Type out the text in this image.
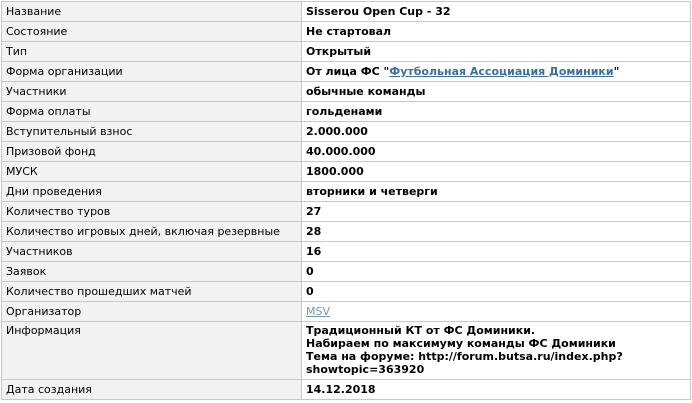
Название	Sisserou Open Cup - 32
Состояние	Не стартовал
Тип	Открытый
Форма организации	От лица ФС "Футбольная Ассоциация Доминики"
Участники	обычные команды
Форма оплаты	гольденами
Вступительный взнос	2.000.000
Призовой фонд	40.000.000
МУСК	1800.000
Дни проведения	вторники и четверги
Количество туров	27
Количество игровых дней, включая резервные	28
Участников	16
Заявок	0
Количество прошедших матчей	0
Организатор	MSV
Информация	Традиционный КТ от ФС Доминики.
Набираем по максимуму команды ФС Доминики
Тема на форуме: http://forum.butsa.ru/index.php?
showtopic=363920

Дата создания	14.12.2018
